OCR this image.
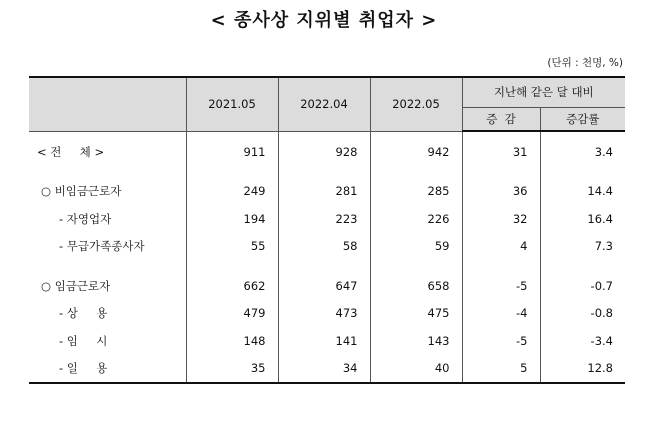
< 종사상 지위별 취업자 >
(단위 : 천명, %)
	2021.05	2022.04	2022.05	지난해 같은 달 대비	
				증  감	증감률
< 전     체 >	911	928	942	31	3.4

○ 비임금근로자	249	281	285	36	14.4
- 자영업자	194	223	226	32	16.4
- 무급가족종사자	55	58	59	4	7.3

○ 임금근로자	662	647	658	-5	-0.7
- 상     용	479	473	475	-4	-0.8
- 임     시	148	141	143	-5	-3.4
- 일     용	35	34	40	5	12.8
